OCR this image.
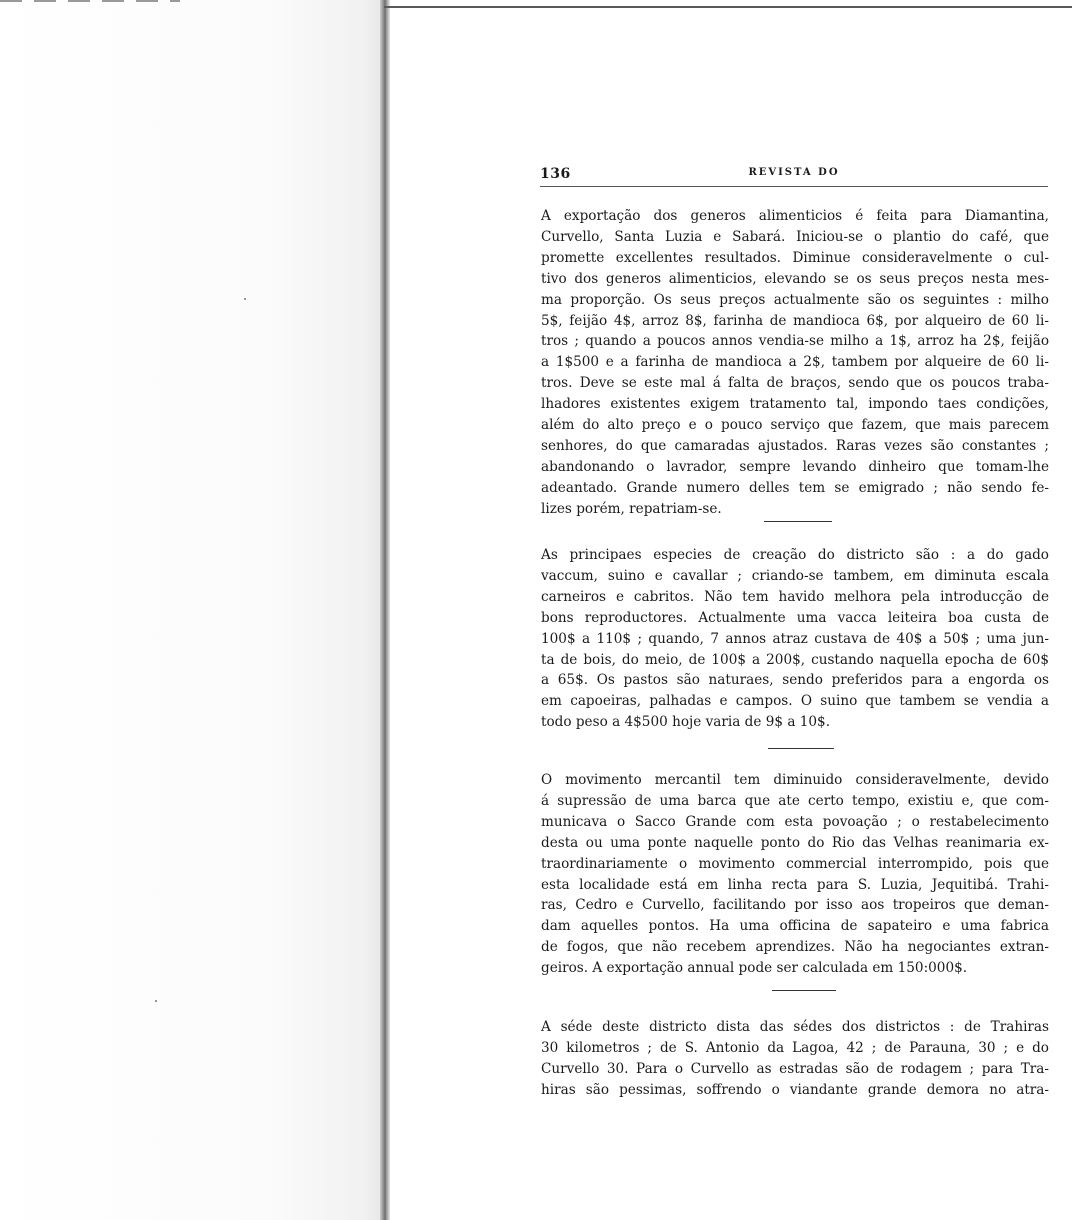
136	REVISTA DO
A exportação dos generos alimenticios é feita para Diamantina,
Curvello, Santa Luzia e Sabará. Iniciou-se o plantio do café, que
promette excellentes resultados. Diminue consideravelmente o cul-
tivo dos generos alimenticios, elevando se os seus preços nesta mes-
ma proporção. Os seus preços actualmente são os seguintes : milho
5$, feijão 4$, arroz 8$, farinha de mandioca 6$, por alqueiro de 60 li-
tros ; quando a poucos annos vendia-se milho a 1$, arroz ha 2$, feijão
a 1$500 e a farinha de mandioca a 2$, tambem por alqueire de 60 li-
tros. Deve se este mal á falta de braços, sendo que os poucos traba-
lhadores existentes exigem tratamento tal, impondo taes condições,
além do alto preço e o pouco serviço que fazem, que mais parecem
senhores, do que camaradas ajustados. Raras vezes são constantes ;
abandonando o lavrador, sempre levando dinheiro que tomam-lhe
adeantado. Grande numero delles tem se emigrado ; não sendo fe-
lizes porém, repatriam-se.
As principaes especies de creação do districto são : a do gado
vaccum, suino e cavallar ; criando-se tambem, em diminuta escala
carneiros e cabritos. Não tem havido melhora pela introducção de
bons reproductores. Actualmente uma vacca leiteira boa custa de
100$ a 110$ ; quando, 7 annos atraz custava de 40$ a 50$ ; uma jun-
ta de bois, do meio, de 100$ a 200$, custando naquella epocha de 60$
a 65$. Os pastos são naturaes, sendo preferidos para a engorda os
em capoeiras, palhadas e campos. O suino que tambem se vendia a
todo peso a 4$500 hoje varia de 9$ a 10$.
O movimento mercantil tem diminuido consideravelmente, devido
á supressão de uma barca que ate certo tempo, existiu e, que com-
municava o Sacco Grande com esta povoação ; o restabelecimento
desta ou uma ponte naquelle ponto do Rio das Velhas reanimaria ex-
traordinariamente o movimento commercial interrompido, pois que
esta localidade está em linha recta para S. Luzia, Jequitibá. Trahi-
ras, Cedro e Curvello, facilitando por isso aos tropeiros que deman-
dam aquelles pontos. Ha uma officina de sapateiro e uma fabrica
de fogos, que não recebem aprendizes. Não ha negociantes extran-
geiros. A exportação annual pode ser calculada em 150:000$.
A séde deste districto dista das sédes dos districtos : de Trahiras
30 kilometros ; de S. Antonio da Lagoa, 42 ; de Parauna, 30 ; e do
Curvello 30. Para o Curvello as estradas são de rodagem ; para Tra-
hiras são pessimas, soffrendo o viandante grande demora no atra-
